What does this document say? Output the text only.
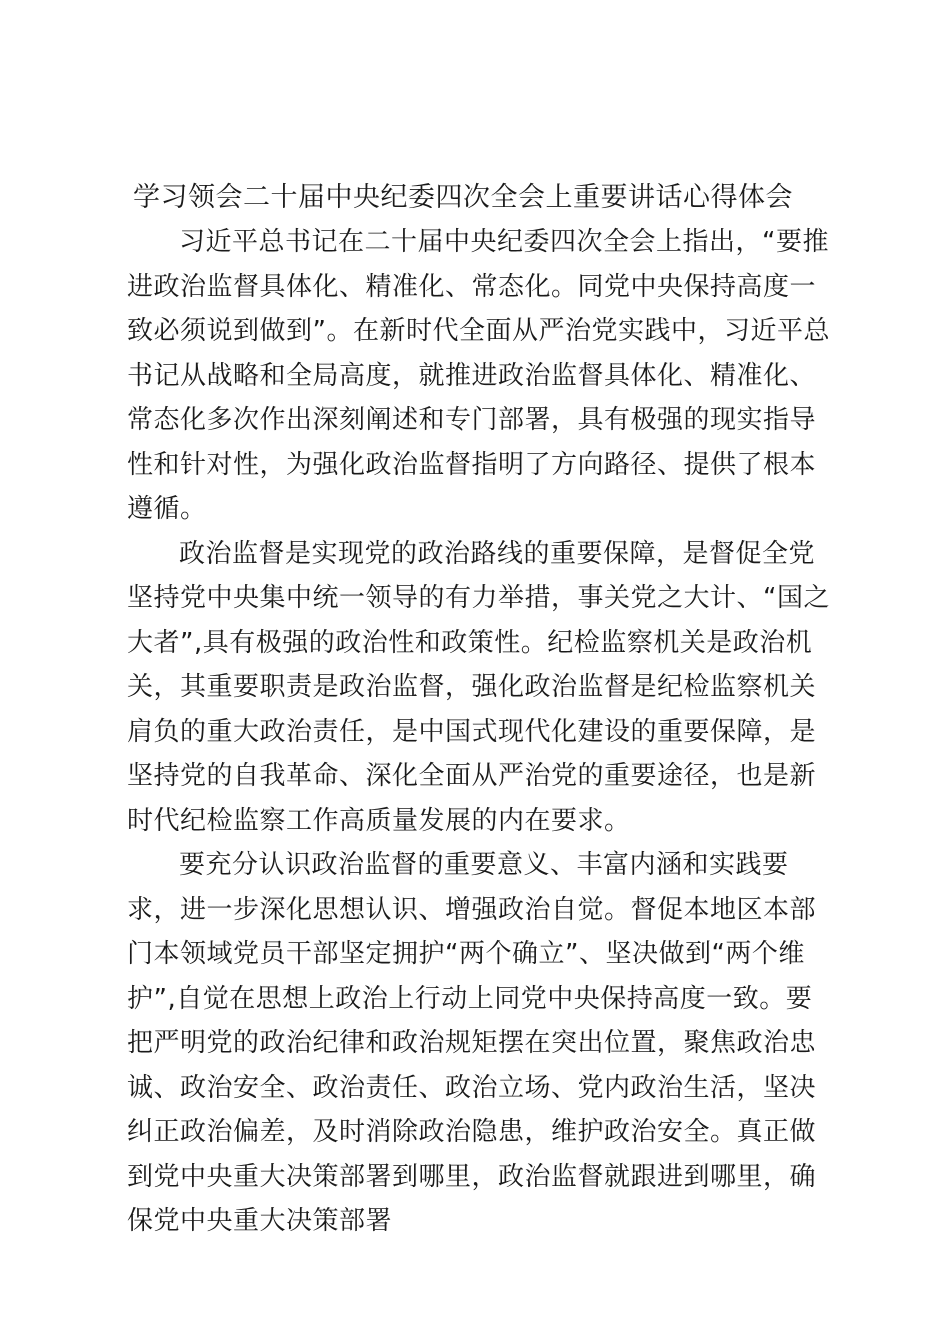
学习领会二十届中央纪委四次全会上重要讲话心得体会

习近平总书记在二十届中央纪委四次全会上指出，“要推进政治监督具体化、精准化、常态化。同党中央保持高度一致必须说到做到”。在新时代全面从严治党实践中，习近平总书记从战略和全局高度，就推进政治监督具体化、精准化、常态化多次作出深刻阐述和专门部署，具有极强的现实指导性和针对性，为强化政治监督指明了方向路径、提供了根本遵循。

政治监督是实现党的政治路线的重要保障，是督促全党坚持党中央集中统一领导的有力举措，事关党之大计、“国之大者”,具有极强的政治性和政策性。纪检监察机关是政治机关，其重要职责是政治监督，强化政治监督是纪检监察机关肩负的重大政治责任，是中国式现代化建设的重要保障，是坚持党的自我革命、深化全面从严治党的重要途径，也是新时代纪检监察工作高质量发展的内在要求。

要充分认识政治监督的重要意义、丰富内涵和实践要求，进一步深化思想认识、增强政治自觉。督促本地区本部门本领域党员干部坚定拥护“两个确立”、坚决做到“两个维护”,自觉在思想上政治上行动上同党中央保持高度一致。要把严明党的政治纪律和政治规矩摆在突出位置，聚焦政治忠诚、政治安全、政治责任、政治立场、党内政治生活，坚决纠正政治偏差，及时消除政治隐患，维护政治安全。真正做到党中央重大决策部署到哪里，政治监督就跟进到哪里，确保党中央重大决策部署
